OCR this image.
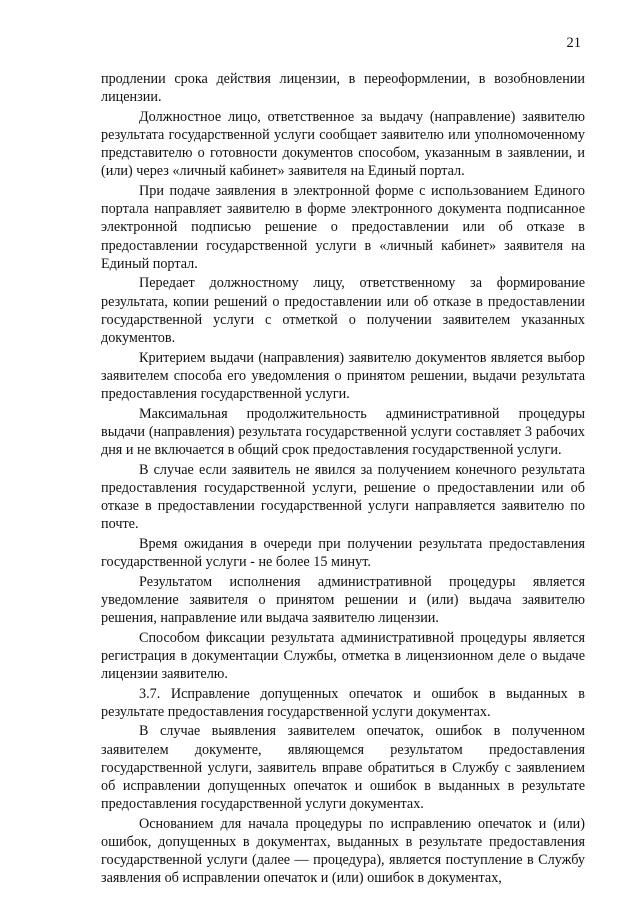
21

продлении срока действия лицензии, в переоформлении, в возобновлении лицензии.

Должностное лицо, ответственное за выдачу (направление) заявителю результата государственной услуги сообщает заявителю или уполномоченному представителю о готовности документов способом, указанным в заявлении, и (или) через «личный кабинет» заявителя на Единый портал.

При подаче заявления в электронной форме с использованием Единого портала направляет заявителю в форме электронного документа подписанное электронной подписью решение о предоставлении или об отказе в предоставлении государственной услуги в «личный кабинет» заявителя на Единый портал.

Передает должностному лицу, ответственному за формирование результата, копии решений о предоставлении или об отказе в предоставлении государственной услуги с отметкой о получении заявителем указанных документов.

Критерием выдачи (направления) заявителю документов является выбор заявителем способа его уведомления о принятом решении, выдачи результата предоставления государственной услуги.

Максимальная продолжительность административной процедуры выдачи (направления) результата государственной услуги составляет 3 рабочих дня и не включается в общий срок предоставления государственной услуги.

В случае если заявитель не явился за получением конечного результата предоставления государственной услуги, решение о предоставлении или об отказе в предоставлении государственной услуги направляется заявителю по почте.

Время ожидания в очереди при получении результата предоставления государственной услуги - не более 15 минут.

Результатом исполнения административной процедуры является уведомление заявителя о принятом решении и (или) выдача заявителю решения, направление или выдача заявителю лицензии.

Способом фиксации результата административной процедуры является регистрация в документации Службы, отметка в лицензионном деле о выдаче лицензии заявителю.

3.7. Исправление допущенных опечаток и ошибок в выданных в результате предоставления государственной услуги документах.

В случае выявления заявителем опечаток, ошибок в полученном заявителем документе, являющемся результатом предоставления государственной услуги, заявитель вправе обратиться в Службу с заявлением об исправлении допущенных опечаток и ошибок в выданных в результате предоставления государственной услуги документах.

Основанием для начала процедуры по исправлению опечаток и (или) ошибок, допущенных в документах, выданных в результате предоставления государственной услуги (далее — процедура), является поступление в Службу заявления об исправлении опечаток и (или) ошибок в документах,
